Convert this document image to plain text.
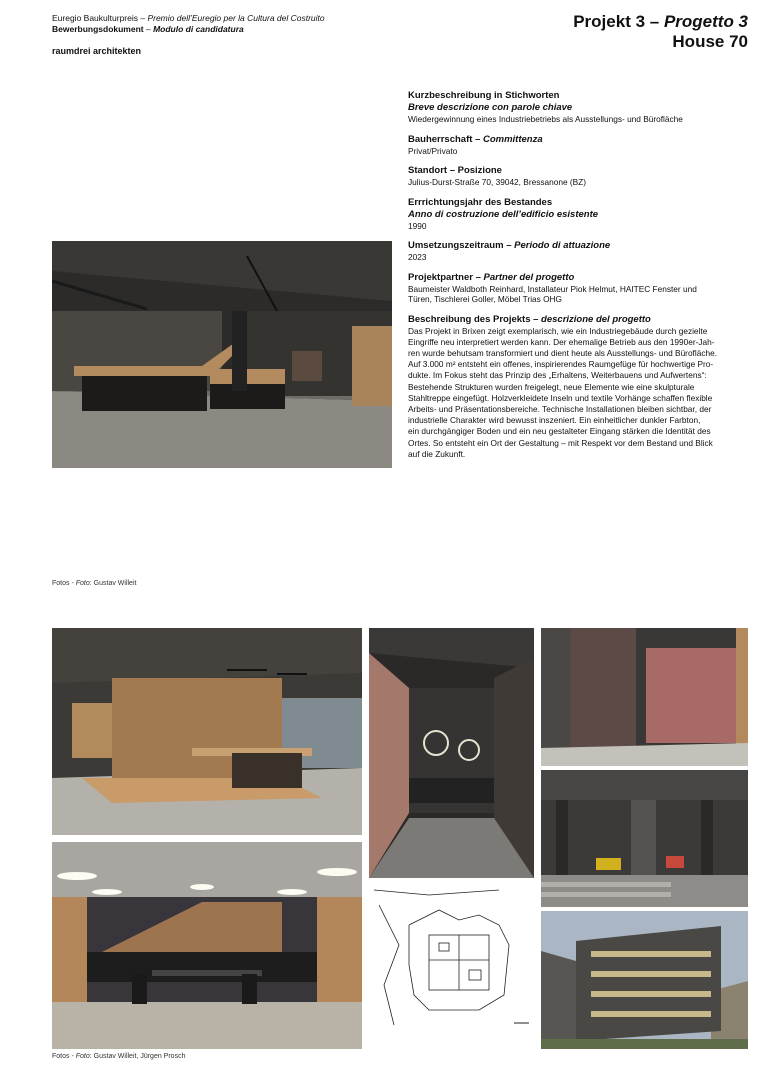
Euregio Baukulturpreis – Premio dell’Euregio per la Cultura del Costruito
Bewerbungsdokument – Modulo di candidatura
raumdrei architekten
Projekt 3 – Progetto 3
House 70
Kurzbeschreibung in Stichworten
Breve descrizione con parole chiave
Wiedergewinnung eines Industriebetriebs als Ausstellungs- und Bürofläche
Bauherrschaft – Committenza
Privat/Privato
Standort – Posizione
Julius-Durst-Straße 70, 39042, Bressanone (BZ)
Errrichtungsjahr des Bestandes
Anno di costruzione dell’edificio esistente
1990
Umsetzungszeitraum – Periodo di attuazione
2023
Projektpartner – Partner del progetto
Baumeister Waldboth Reinhard, Installateur Piok Helmut, HAITEC Fenster und
Türen, Tischlerei Goller, Möbel Trias OHG
Beschreibung des Projekts – descrizione del progetto
Das Projekt in Brixen zeigt exemplarisch, wie ein Industriegebäude durch gezielte
Eingriffe neu interpretiert werden kann. Der ehemalige Betrieb aus den 1990er-Jah-
ren wurde behutsam transformiert und dient heute als Ausstellungs- und Bürofläche.
Auf 3.000 m² entsteht ein offenes, inspirierendes Raumgefüge für hochwertige Pro-
dukte. Im Fokus steht das Prinzip des „Erhaltens, Weiterbauens und Aufwertens“:
Bestehende Strukturen wurden freigelegt, neue Elemente wie eine skulpturale
Stahltreppe eingefügt. Holzverkleidete Inseln und textile Vorhänge schaffen flexible
Arbeits- und Präsentationsbereiche. Technische Installationen bleiben sichtbar, der
industrielle Charakter wird bewusst inszeniert. Ein einheitlicher dunkler Farbton,
ein durchgängiger Boden und ein neu gestalteter Eingang stärken die Identität des
Ortes. So entsteht ein Ort der Gestaltung – mit Respekt vor dem Bestand und Blick
auf die Zukunft.
Fotos - Foto: Gustav Willeit
Fotos - Foto: Gustav Willeit, Jürgen Prosch
